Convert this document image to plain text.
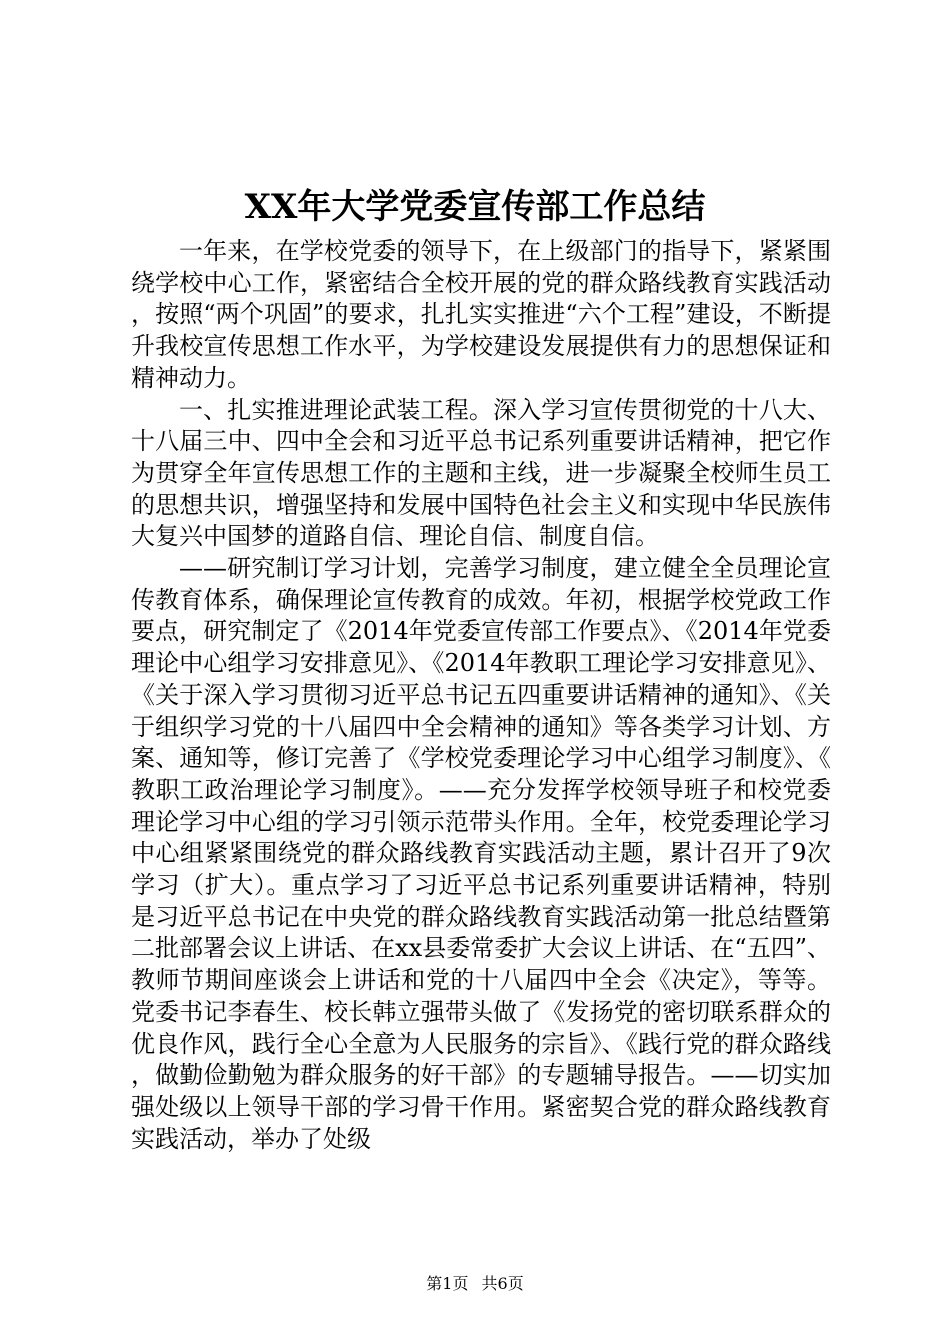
XX年大学党委宣传部工作总结

一年来，在学校党委的领导下，在上级部门的指导下，紧紧围绕学校中心工作，紧密结合全校开展的党的群众路线教育实践活动，按照“两个巩固”的要求，扎扎实实推进“六个工程”建设，不断提升我校宣传思想工作水平，为学校建设发展提供有力的思想保证和精神动力。

一、扎实推进理论武装工程。深入学习宣传贯彻党的十八大、十八届三中、四中全会和习近平总书记系列重要讲话精神，把它作为贯穿全年宣传思想工作的主题和主线，进一步凝聚全校师生员工的思想共识，增强坚持和发展中国特色社会主义和实现中华民族伟大复兴中国梦的道路自信、理论自信、制度自信。

——研究制订学习计划，完善学习制度，建立健全全员理论宣传教育体系，确保理论宣传教育的成效。年初，根据学校党政工作要点，研究制定了《2014年党委宣传部工作要点》、《2014年党委理论中心组学习安排意见》、《2014年教职工理论学习安排意见》、《关于深入学习贯彻习近平总书记五四重要讲话精神的通知》、《关于组织学习党的十八届四中全会精神的通知》等各类学习计划、方案、通知等，修订完善了《学校党委理论学习中心组学习制度》、《教职工政治理论学习制度》。——充分发挥学校领导班子和校党委理论学习中心组的学习引领示范带头作用。全年，校党委理论学习中心组紧紧围绕党的群众路线教育实践活动主题，累计召开了9次学习（扩大）。重点学习了习近平总书记系列重要讲话精神，特别是习近平总书记在中央党的群众路线教育实践活动第一批总结暨第二批部署会议上讲话、在xx县委常委扩大会议上讲话、在“五四”、教师节期间座谈会上讲话和党的十八届四中全会《决定》，等等。党委书记李春生、校长韩立强带头做了《发扬党的密切联系群众的优良作风，践行全心全意为人民服务的宗旨》、《践行党的群众路线，做勤俭勤勉为群众服务的好干部》的专题辅导报告。——切实加强处级以上领导干部的学习骨干作用。紧密契合党的群众路线教育实践活动，举办了处级

第1页 共6页
